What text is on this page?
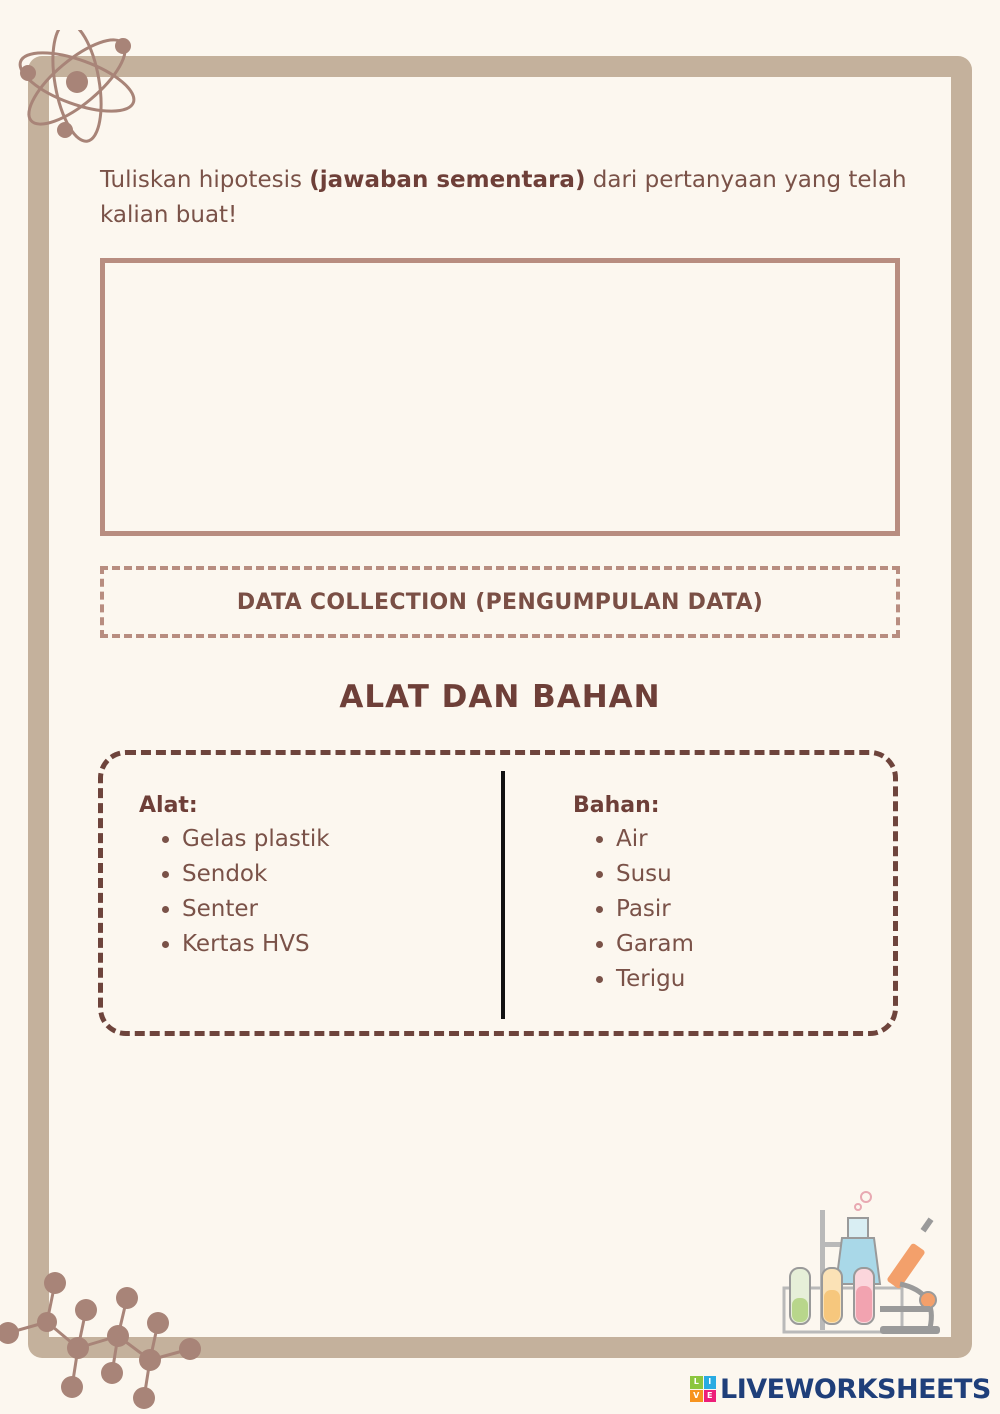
Tuliskan hipotesis (jawaban sementara) dari pertanyaan yang telah kalian buat!
DATA COLLECTION (PENGUMPULAN DATA)
ALAT DAN BAHAN
Alat:
• Gelas plastik
• Sendok
• Senter
• Kertas HVS
Bahan:
• Air
• Susu
• Pasir
• Garam
• Terigu
L	I
V E LIVEWORKSHEETS
